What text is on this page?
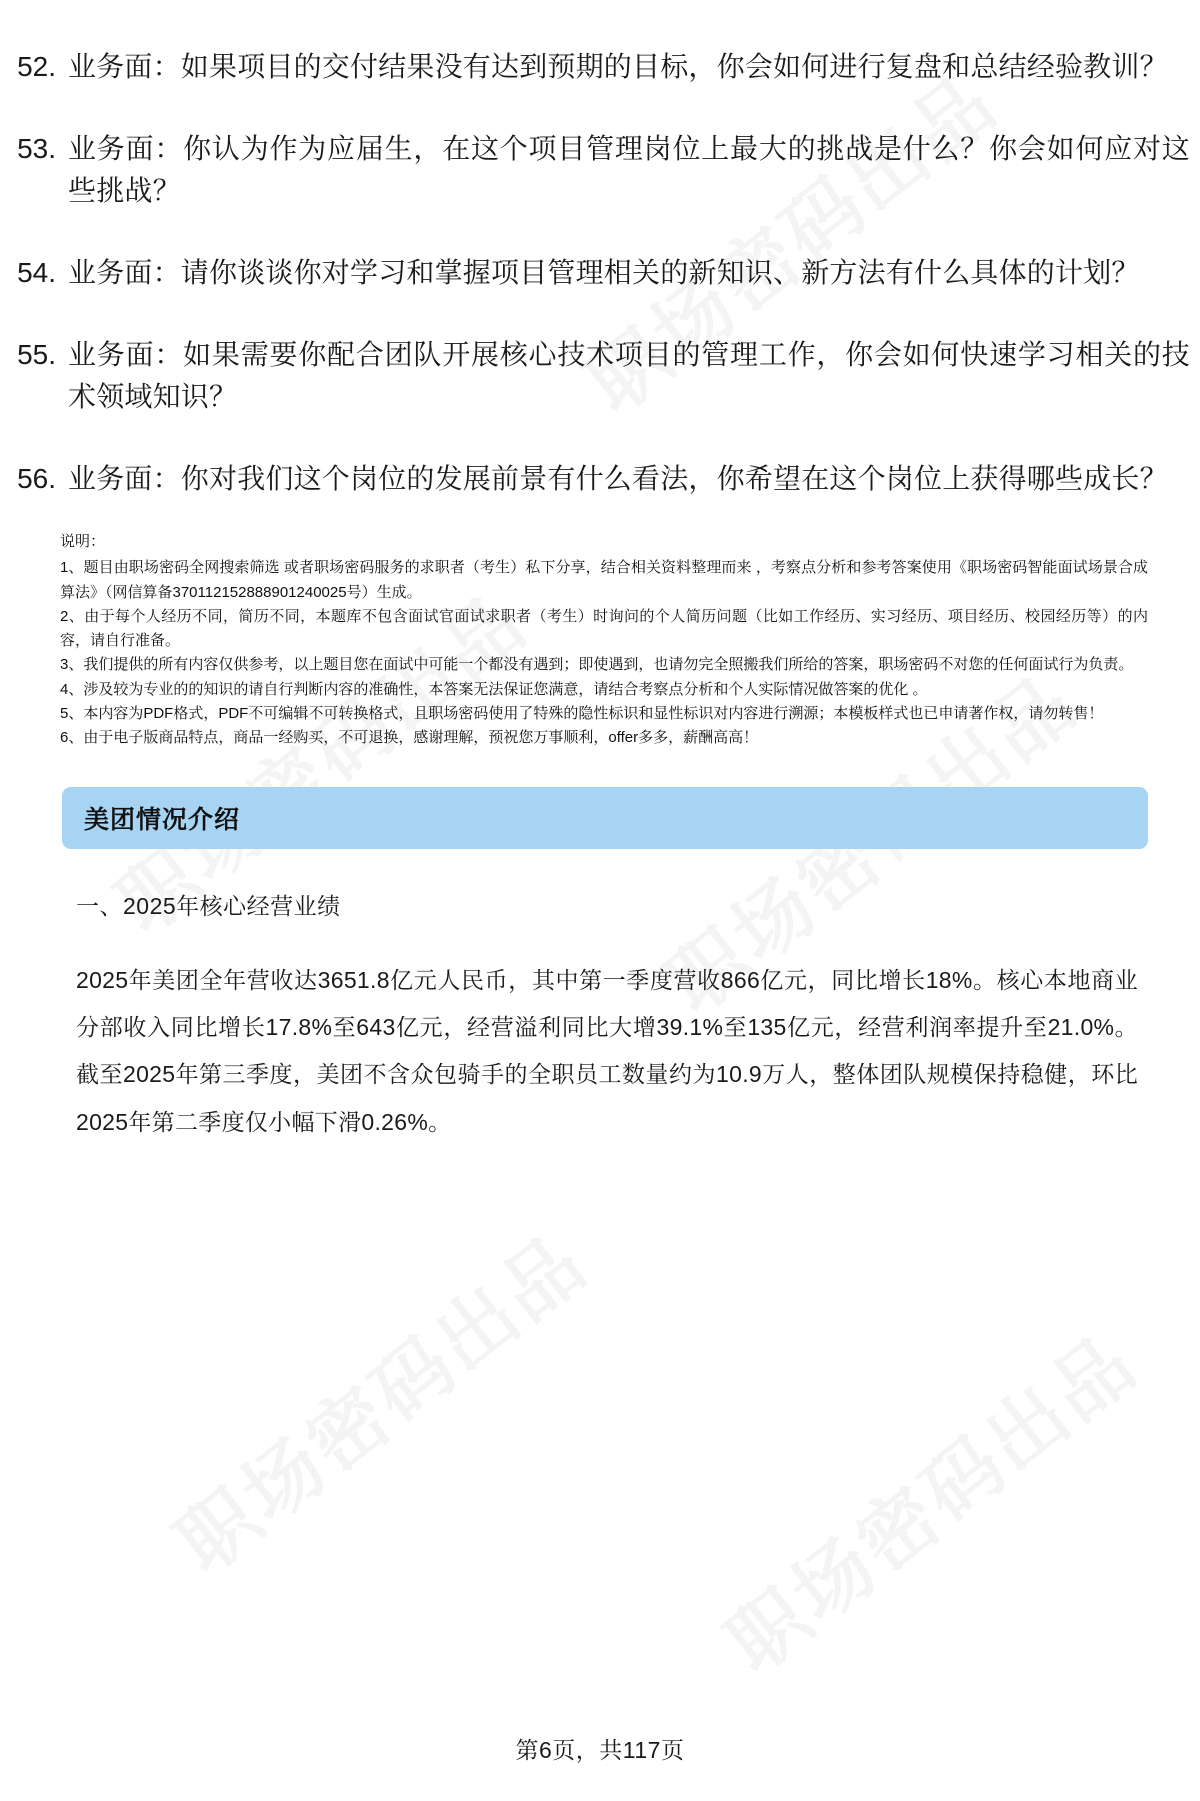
52. 业务面：如果项目的交付结果没有达到预期的目标，你会如何进行复盘和总结经验教训？
53. 业务面：你认为作为应届生，在这个项目管理岗位上最大的挑战是什么？你会如何应对这些挑战？
54. 业务面：请你谈谈你对学习和掌握项目管理相关的新知识、新方法有什么具体的计划？
55. 业务面：如果需要你配合团队开展核心技术项目的管理工作，你会如何快速学习相关的技术领域知识？
56. 业务面：你对我们这个岗位的发展前景有什么看法，你希望在这个岗位上获得哪些成长？
说明：

1、题目由职场密码全网搜索筛选 或者职场密码服务的求职者（考生）私下分享，结合相关资料整理而来 ，考察点分析和参考答案使用《职场密码智能面试场景合成算法》（网信算备370112152888901240025号）生成。

2、由于每个人经历不同，简历不同，本题库不包含面试官面试求职者（考生）时询问的个人简历问题（比如工作经历、实习经历、项目经历、校园经历等）的内容，请自行准备。

3、我们提供的所有内容仅供参考，以上题目您在面试中可能一个都没有遇到；即使遇到，也请勿完全照搬我们所给的答案，职场密码不对您的任何面试行为负责。

4、涉及较为专业的的知识的请自行判断内容的准确性，本答案无法保证您满意，请结合考察点分析和个人实际情况做答案的优化 。

5、本内容为PDF格式，PDF不可编辑不可转换格式，且职场密码使用了特殊的隐性标识和显性标识对内容进行溯源；本模板样式也已申请著作权，请勿转售！

6、由于电子版商品特点，商品一经购买，不可退换，感谢理解，预祝您万事顺利，offer多多，薪酬高高！

美团情况介绍
一、2025年核心经营业绩
2025年美团全年营收达3651.8亿元人民币，其中第一季度营收866亿元，同比增长18%。核心本地商业分部收入同比增长17.8%至643亿元，经营溢利同比大增39.1%至135亿元，经营利润率提升至21.0%。截至2025年第三季度，美团不含众包骑手的全职员工数量约为10.9万人，整体团队规模保持稳健，环比2025年第二季度仅小幅下滑0.26%。
第6页，共117页
